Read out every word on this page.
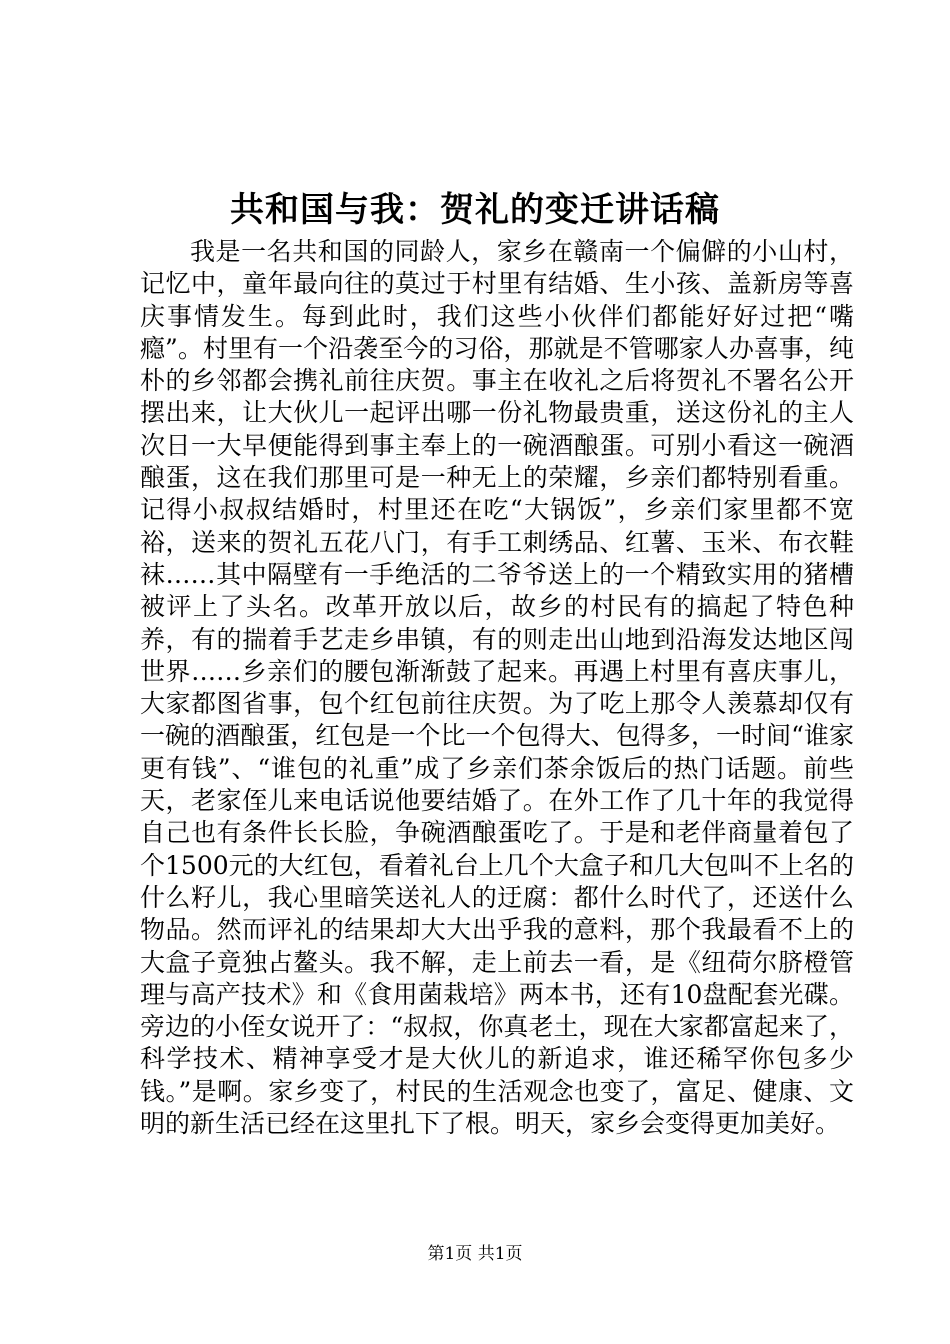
共和国与我：贺礼的变迁讲话稿

我是一名共和国的同龄人，家乡在赣南一个偏僻的小山村，记忆中，童年最向往的莫过于村里有结婚、生小孩、盖新房等喜庆事情发生。每到此时，我们这些小伙伴们都能好好过把“嘴瘾”。村里有一个沿袭至今的习俗，那就是不管哪家人办喜事，纯朴的乡邻都会携礼前往庆贺。事主在收礼之后将贺礼不署名公开摆出来，让大伙儿一起评出哪一份礼物最贵重，送这份礼的主人次日一大早便能得到事主奉上的一碗酒酿蛋。可别小看这一碗酒酿蛋，这在我们那里可是一种无上的荣耀，乡亲们都特别看重。记得小叔叔结婚时，村里还在吃“大锅饭”，乡亲们家里都不宽裕，送来的贺礼五花八门，有手工刺绣品、红薯、玉米、布衣鞋袜……其中隔壁有一手绝活的二爷爷送上的一个精致实用的猪槽被评上了头名。改革开放以后，故乡的村民有的搞起了特色种养，有的揣着手艺走乡串镇，有的则走出山地到沿海发达地区闯世界……乡亲们的腰包渐渐鼓了起来。再遇上村里有喜庆事儿，大家都图省事，包个红包前往庆贺。为了吃上那令人羡慕却仅有一碗的酒酿蛋，红包是一个比一个包得大、包得多，一时间“谁家更有钱”、“谁包的礼重”成了乡亲们茶余饭后的热门话题。前些天，老家侄儿来电话说他要结婚了。在外工作了几十年的我觉得自己也有条件长长脸，争碗酒酿蛋吃了。于是和老伴商量着包了个1500元的大红包，看着礼台上几个大盒子和几大包叫不上名的什么籽儿，我心里暗笑送礼人的迂腐：都什么时代了，还送什么物品。然而评礼的结果却大大出乎我的意料，那个我最看不上的大盒子竟独占鳌头。我不解，走上前去一看，是《纽荷尔脐橙管理与高产技术》和《食用菌栽培》两本书，还有10盘配套光碟。旁边的小侄女说开了：“叔叔，你真老土，现在大家都富起来了，科学技术、精神享受才是大伙儿的新追求，谁还稀罕你包多少钱。”是啊。家乡变了，村民的生活观念也变了，富足、健康、文明的新生活已经在这里扎下了根。明天，家乡会变得更加美好。

第1页 共1页
